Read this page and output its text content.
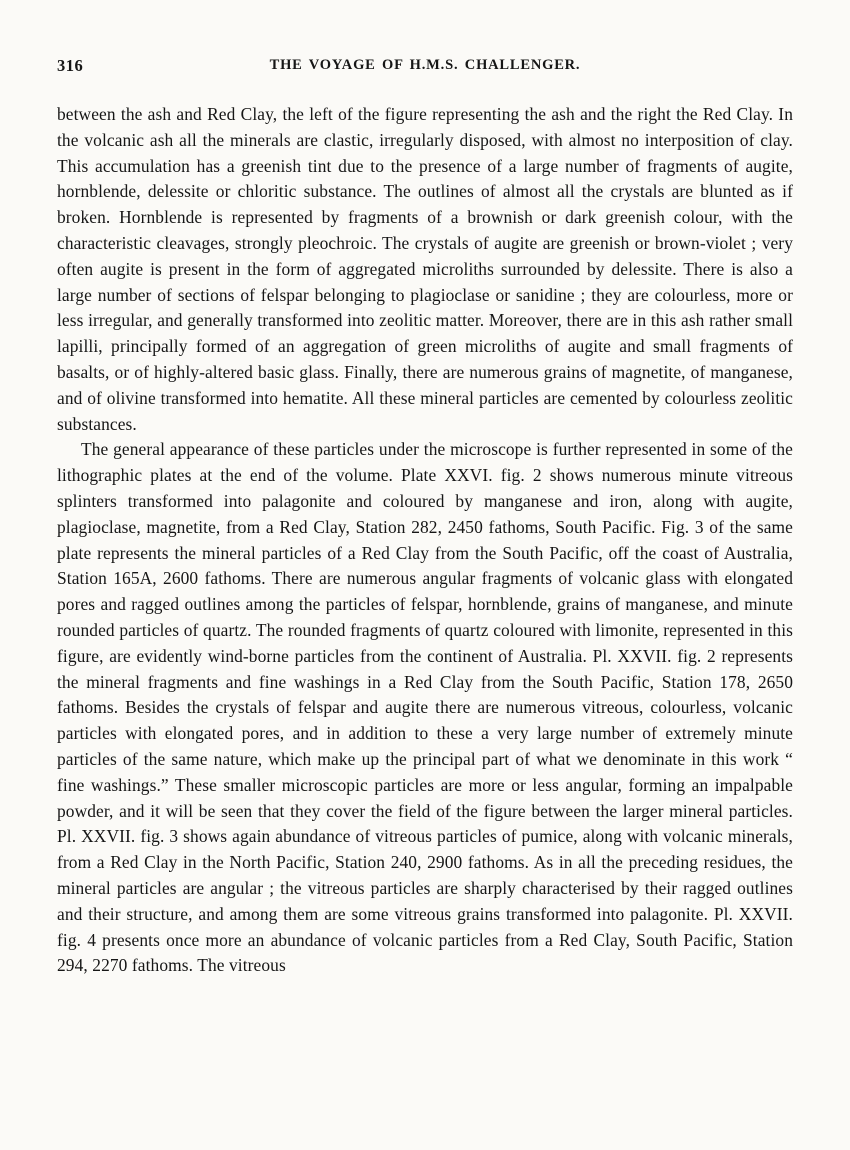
316	THE VOYAGE OF H.M.S. CHALLENGER.

between the ash and Red Clay, the left of the figure representing the ash and the right the Red Clay. In the volcanic ash all the minerals are clastic, irregularly disposed, with almost no interposition of clay. This accumulation has a greenish tint due to the presence of a large number of fragments of augite, hornblende, delessite or chloritic substance. The outlines of almost all the crystals are blunted as if broken. Hornblende is represented by fragments of a brownish or dark greenish colour, with the characteristic cleavages, strongly pleochroic. The crystals of augite are greenish or brown-violet ; very often augite is present in the form of aggregated microliths surrounded by delessite. There is also a large number of sections of felspar belonging to plagioclase or sanidine ; they are colourless, more or less irregular, and generally transformed into zeolitic matter. Moreover, there are in this ash rather small lapilli, principally formed of an aggregation of green microliths of augite and small fragments of basalts, or of highly-altered basic glass. Finally, there are numerous grains of magnetite, of manganese, and of olivine transformed into hematite. All these mineral particles are cemented by colourless zeolitic substances.

The general appearance of these particles under the microscope is further represented in some of the lithographic plates at the end of the volume. Plate XXVI. fig. 2 shows numerous minute vitreous splinters transformed into palagonite and coloured by manganese and iron, along with augite, plagioclase, magnetite, from a Red Clay, Station 282, 2450 fathoms, South Pacific. Fig. 3 of the same plate represents the mineral particles of a Red Clay from the South Pacific, off the coast of Australia, Station 165A, 2600 fathoms. There are numerous angular fragments of volcanic glass with elongated pores and ragged outlines among the particles of felspar, hornblende, grains of manganese, and minute rounded particles of quartz. The rounded fragments of quartz coloured with limonite, represented in this figure, are evidently wind-borne particles from the continent of Australia. Pl. XXVII. fig. 2 represents the mineral fragments and fine washings in a Red Clay from the South Pacific, Station 178, 2650 fathoms. Besides the crystals of felspar and augite there are numerous vitreous, colourless, volcanic particles with elongated pores, and in addition to these a very large number of extremely minute particles of the same nature, which make up the principal part of what we denominate in this work “ fine washings.” These smaller microscopic particles are more or less angular, forming an impalpable powder, and it will be seen that they cover the field of the figure between the larger mineral particles. Pl. XXVII. fig. 3 shows again abundance of vitreous particles of pumice, along with volcanic minerals, from a Red Clay in the North Pacific, Station 240, 2900 fathoms. As in all the preceding residues, the mineral particles are angular ; the vitreous particles are sharply characterised by their ragged outlines and their structure, and among them are some vitreous grains transformed into palagonite. Pl. XXVII. fig. 4 presents once more an abundance of volcanic particles from a Red Clay, South Pacific, Station 294, 2270 fathoms. The vitreous
